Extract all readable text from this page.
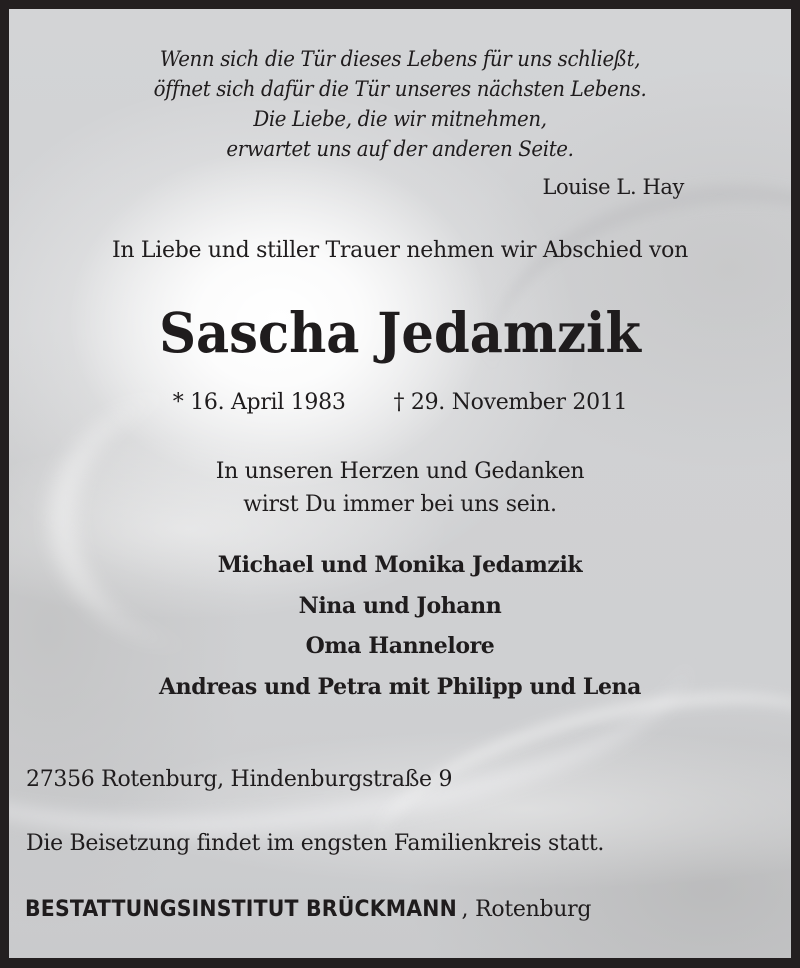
Wenn sich die Tür dieses Lebens für uns schließt,
öffnet sich dafür die Tür unseres nächsten Lebens.
Die Liebe, die wir mitnehmen,
erwartet uns auf der anderen Seite.
Louise L. Hay
In Liebe und stiller Trauer nehmen wir Abschied von
Sascha Jedamzik
* 16. April 1983 † 29. November 2011
In unseren Herzen und Gedanken
wirst Du immer bei uns sein.
Michael und Monika Jedamzik
Nina und Johann
Oma Hannelore
Andreas und Petra mit Philipp und Lena
27356 Rotenburg, Hindenburgstraße 9
Die Beisetzung findet im engsten Familienkreis statt.
BESTATTUNGSINSTITUT BRÜCKMANN , Rotenburg
